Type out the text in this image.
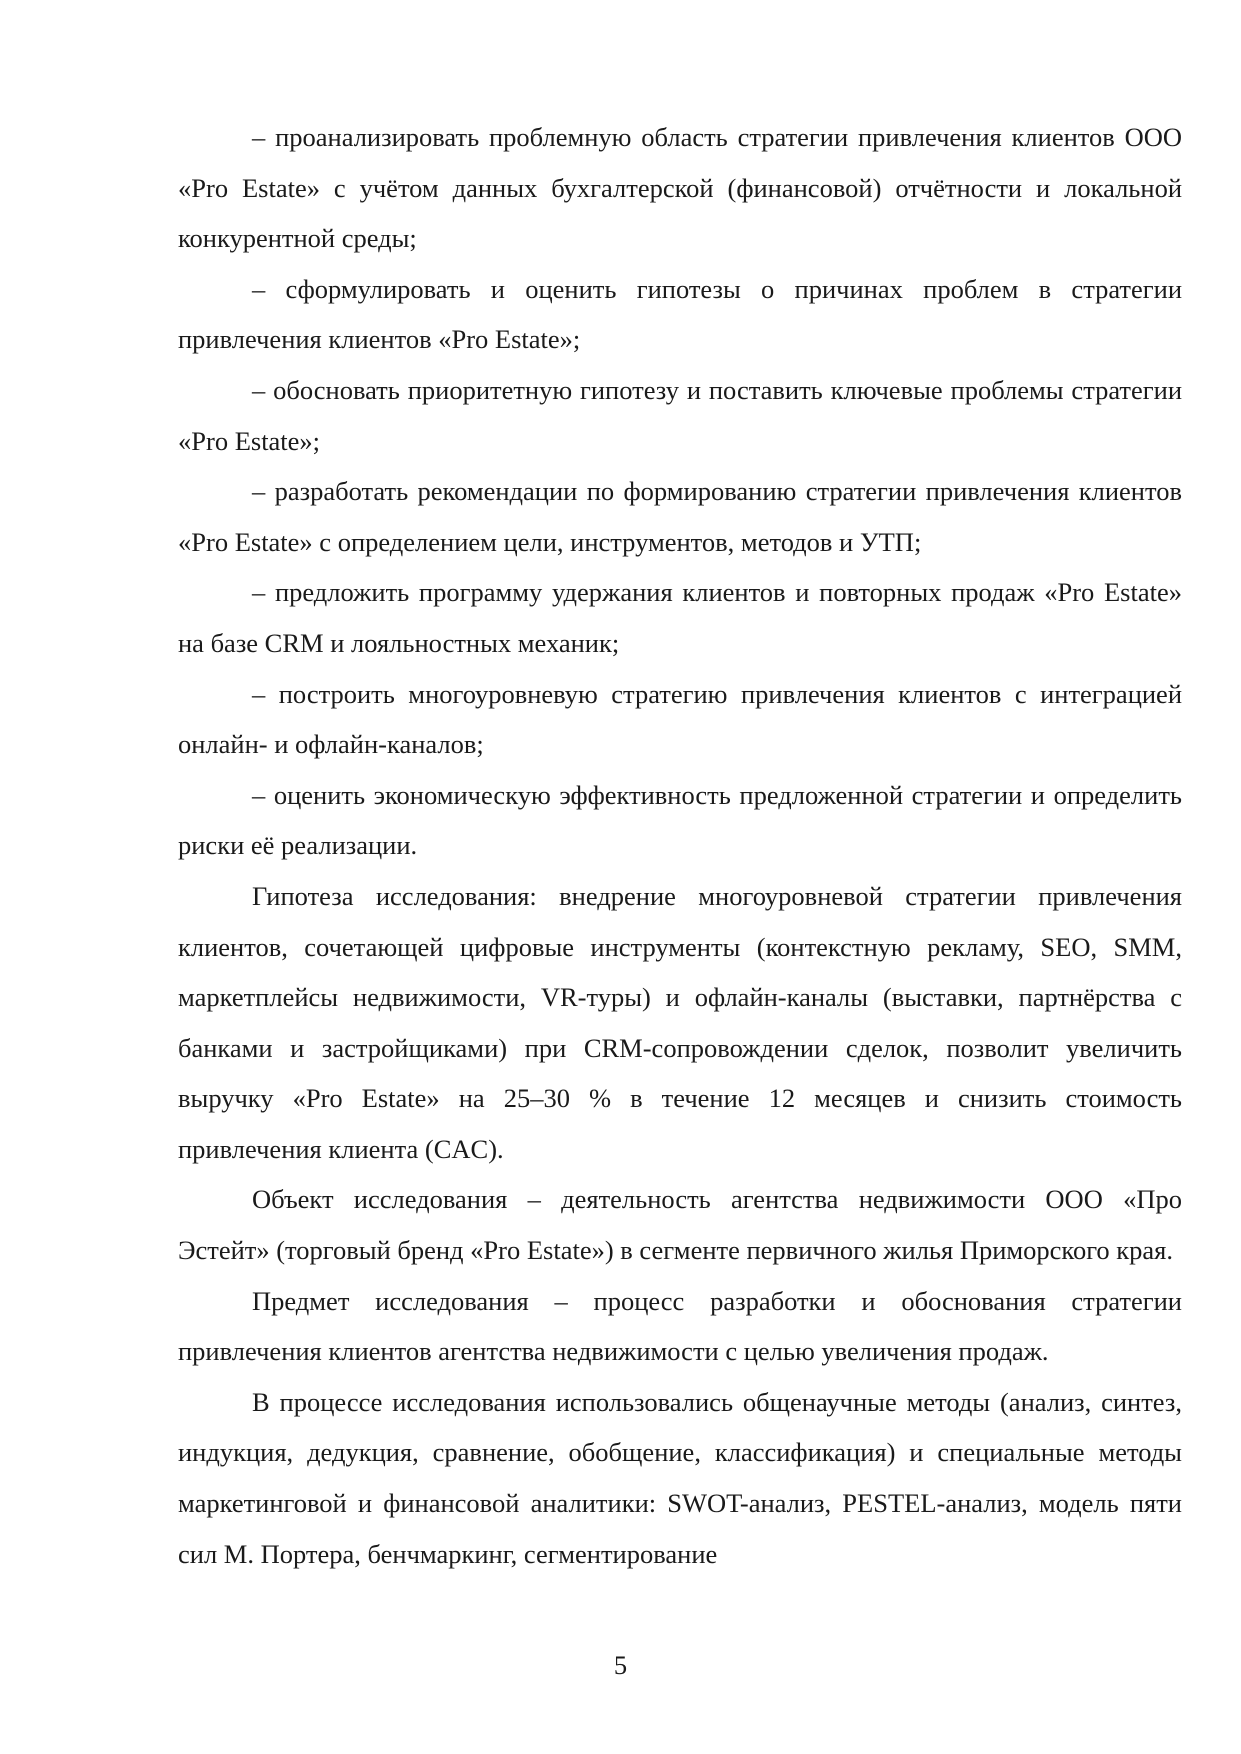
– проанализировать проблемную область стратегии привлечения клиентов ООО «Pro Estate» с учётом данных бухгалтерской (финансовой) отчётности и локальной конкурентной среды;

– сформулировать и оценить гипотезы о причинах проблем в стратегии привлечения клиентов «Pro Estate»;

– обосновать приоритетную гипотезу и поставить ключевые проблемы стратегии «Pro Estate»;

– разработать рекомендации по формированию стратегии привлечения клиентов «Pro Estate» с определением цели, инструментов, методов и УТП;

– предложить программу удержания клиентов и повторных продаж «Pro Estate» на базе CRM и лояльностных механик;

– построить многоуровневую стратегию привлечения клиентов с интеграцией онлайн- и офлайн-каналов;

– оценить экономическую эффективность предложенной стратегии и определить риски её реализации.

Гипотеза исследования: внедрение многоуровневой стратегии привлечения клиентов, сочетающей цифровые инструменты (контекстную рекламу, SEO, SMM, маркетплейсы недвижимости, VR-туры) и офлайн-каналы (выставки, партнёрства с банками и застройщиками) при CRM-сопровождении сделок, позволит увеличить выручку «Pro Estate» на 25–30 % в течение 12 месяцев и снизить стоимость привлечения клиента (CAC).

Объект исследования – деятельность агентства недвижимости ООО «Про Эстейт» (торговый бренд «Pro Estate») в сегменте первичного жилья Приморского края.

Предмет исследования – процесс разработки и обоснования стратегии привлечения клиентов агентства недвижимости с целью увеличения продаж.

В процессе исследования использовались общенаучные методы (анализ, синтез, индукция, дедукция, сравнение, обобщение, классификация) и специальные методы маркетинговой и финансовой аналитики: SWOT-анализ, PESTEL-анализ, модель пяти сил М. Портера, бенчмаркинг, сегментирование

5
